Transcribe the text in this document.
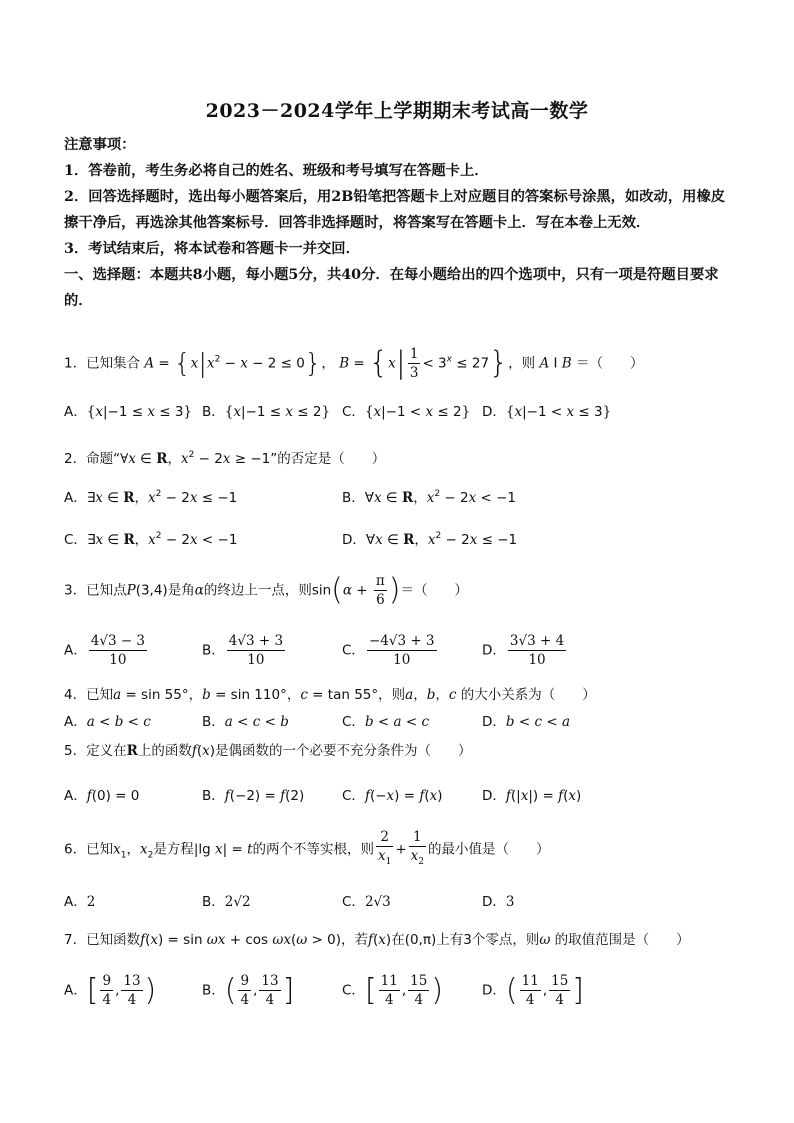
2023－2024学年上学期期末考试高一数学

注意事项：

1．答卷前，考生务必将自己的姓名、班级和考号填写在答题卡上．

2．回答选择题时，选出每小题答案后，用2B铅笔把答题卡上对应题目的答案标号涂黑，如改动，用橡皮擦干净后，再选涂其他答案标号．回答非选择题时，将答案写在答题卡上．写在本卷上无效．

3．考试结束后，将本试卷和答题卡一并交回．

一、选择题：本题共8小题，每小题5分，共40分．在每小题给出的四个选项中，只有一项是符题目要求的．

1．已知集合 $A = \{x|x^2 - x - 2 \le 0\}$， $B = \{x| \frac{1}{3} < 3^x \le 27\}$，则 A I B ＝（　　）
A．{x|−1 ≤ x ≤ 3} B．{x|−1 ≤ x ≤ 2} C．{x|−1 < x ≤ 2} D．{x|−1 < x ≤ 3}
2．命题“∀x ∈ R，$x^2 - 2x \ge -1$”的否定是（　　）
A．∃x ∈ R，$x^2 - 2x \le -1$	B．∀x ∈ R，$x^2 - 2x < -1$
C．∃x ∈ R，$x^2 - 2x < -1$	D．∀x ∈ R，$x^2 - 2x \le -1$
3．已知点P(3,4)是角α的终边上一点，则$\sin(\alpha + \frac{\pi}{6}$ )＝（　　）
A． $\frac{4√3 - 3}{10}$	B． $\frac{4√3 + 3}{10}$	C． $\frac{-4√3 + 3}{10}$	D． $\frac{3√3 + 4}{10}$
4．已知a = sin 55°，b = sin 110°，c = tan 55°，则a，b，c 的大小关系为（　　）
A．a < b < c	B．a < c < b	C．b < a < c	D．b < c < a
5．定义在R上的函数f(x)是偶函数的一个必要不充分条件为（　　）
A．f(0) = 0	B．f(−2) = f(2)	C．f(−x) = f(x)	D．f(|x|) = f(x)
6．已知$x_1$，$x_2$是方程|lg x| = t的两个不等实根，则 $\frac{2}{x_1} + \frac{1}{x_2}$ 的最小值是（　　）
A．2	B．2√2	C．2√3	D．3
7．已知函数f(x) = sin ωx + cos ωx(ω > 0)，若f(x)在(0,π)上有3个零点，则ω 的取值范围是（　　）
A．[ $\frac{9}{4}$ , $\frac{13}{4}$ )	B．( $\frac{9}{4}$ , $\frac{13}{4}$ ]	C．[ $\frac{11}{4}$ , $\frac{15}{4}$ )	D．( $\frac{11}{4}$ , $\frac{15}{4}$ ]
